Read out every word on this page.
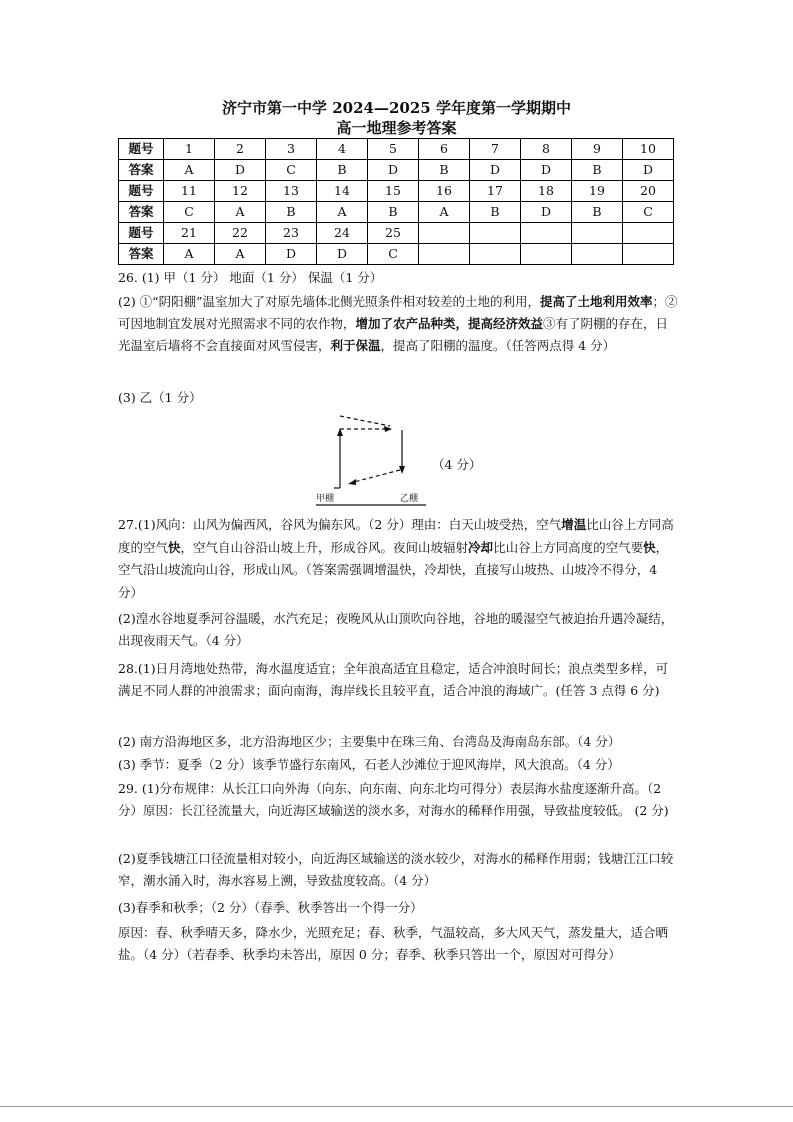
济宁市第一中学 2024—2025 学年度第一学期期中
高一地理参考答案
题号	1	2	3	4	5	6	7	8	9	10
答案	A	D	C	B	D	B	D	D	B	D
题号	11	12	13	14	15	16	17	18	19	20
答案	C	A	B	A	B	A	B	D	B	C
题号	21	22	23	24	25					
答案	A	A	D	D	C					
26. (1) 甲（1 分） 地面（1 分） 保温（1 分）
(2) ①“阴阳棚”温室加大了对原先墙体北侧光照条件相对较差的土地的利用，提高了土地利用效率；②可因地制宜发展对光照需求不同的农作物，增加了农产品种类，提高经济效益③有了阴棚的存在，日光温室后墙将不会直接面对风雪侵害，利于保温，提高了阳棚的温度。（任答两点得 4 分）
(3) 乙（1 分）
甲棚	乙棚
（4 分）
27.(1)风向：山风为偏西风，谷风为偏东风。（2 分）理由：白天山坡受热，空气增温比山谷上方同高度的空气快，空气自山谷沿山坡上升，形成谷风。夜间山坡辐射冷却比山谷上方同高度的空气要快，空气沿山坡流向山谷，形成山风。（答案需强调增温快，冷却快，直接写山坡热、山坡冷不得分，4 分）
(2)湟水谷地夏季河谷温暖，水汽充足；夜晚风从山顶吹向谷地，谷地的暖湿空气被迫抬升遇冷凝结，出现夜雨天气。（4 分）
28.(1)日月湾地处热带，海水温度适宜；全年浪高适宜且稳定，适合冲浪时间长；浪点类型多样，可满足不同人群的冲浪需求；面向南海，海岸线长且较平直，适合冲浪的海域广。(任答 3 点得 6 分)
(2) 南方沿海地区多，北方沿海地区少；主要集中在珠三角、台湾岛及海南岛东部。（4 分）
(3) 季节：夏季（2 分）该季节盛行东南风，石老人沙滩位于迎风海岸，风大浪高。（4 分）
29. (1)分布规律：从长江口向外海（向东、向东南、向东北均可得分）表层海水盐度逐渐升高。（2 分）原因：长江径流量大，向近海区域输送的淡水多，对海水的稀释作用强，导致盐度较低。 (2 分)
(2)夏季钱塘江口径流量相对较小，向近海区域输送的淡水较少，对海水的稀释作用弱；钱塘江江口较窄，潮水涌入时，海水容易上溯，导致盐度较高。（4 分）
(3)春季和秋季；（2 分）（春季、秋季答出一个得一分）
原因：春、秋季晴天多，降水少，光照充足；春、秋季，气温较高，多大风天气，蒸发量大，适合晒盐。（4 分）（若春季、秋季均未答出，原因 0 分；春季、秋季只答出一个，原因对可得分）
